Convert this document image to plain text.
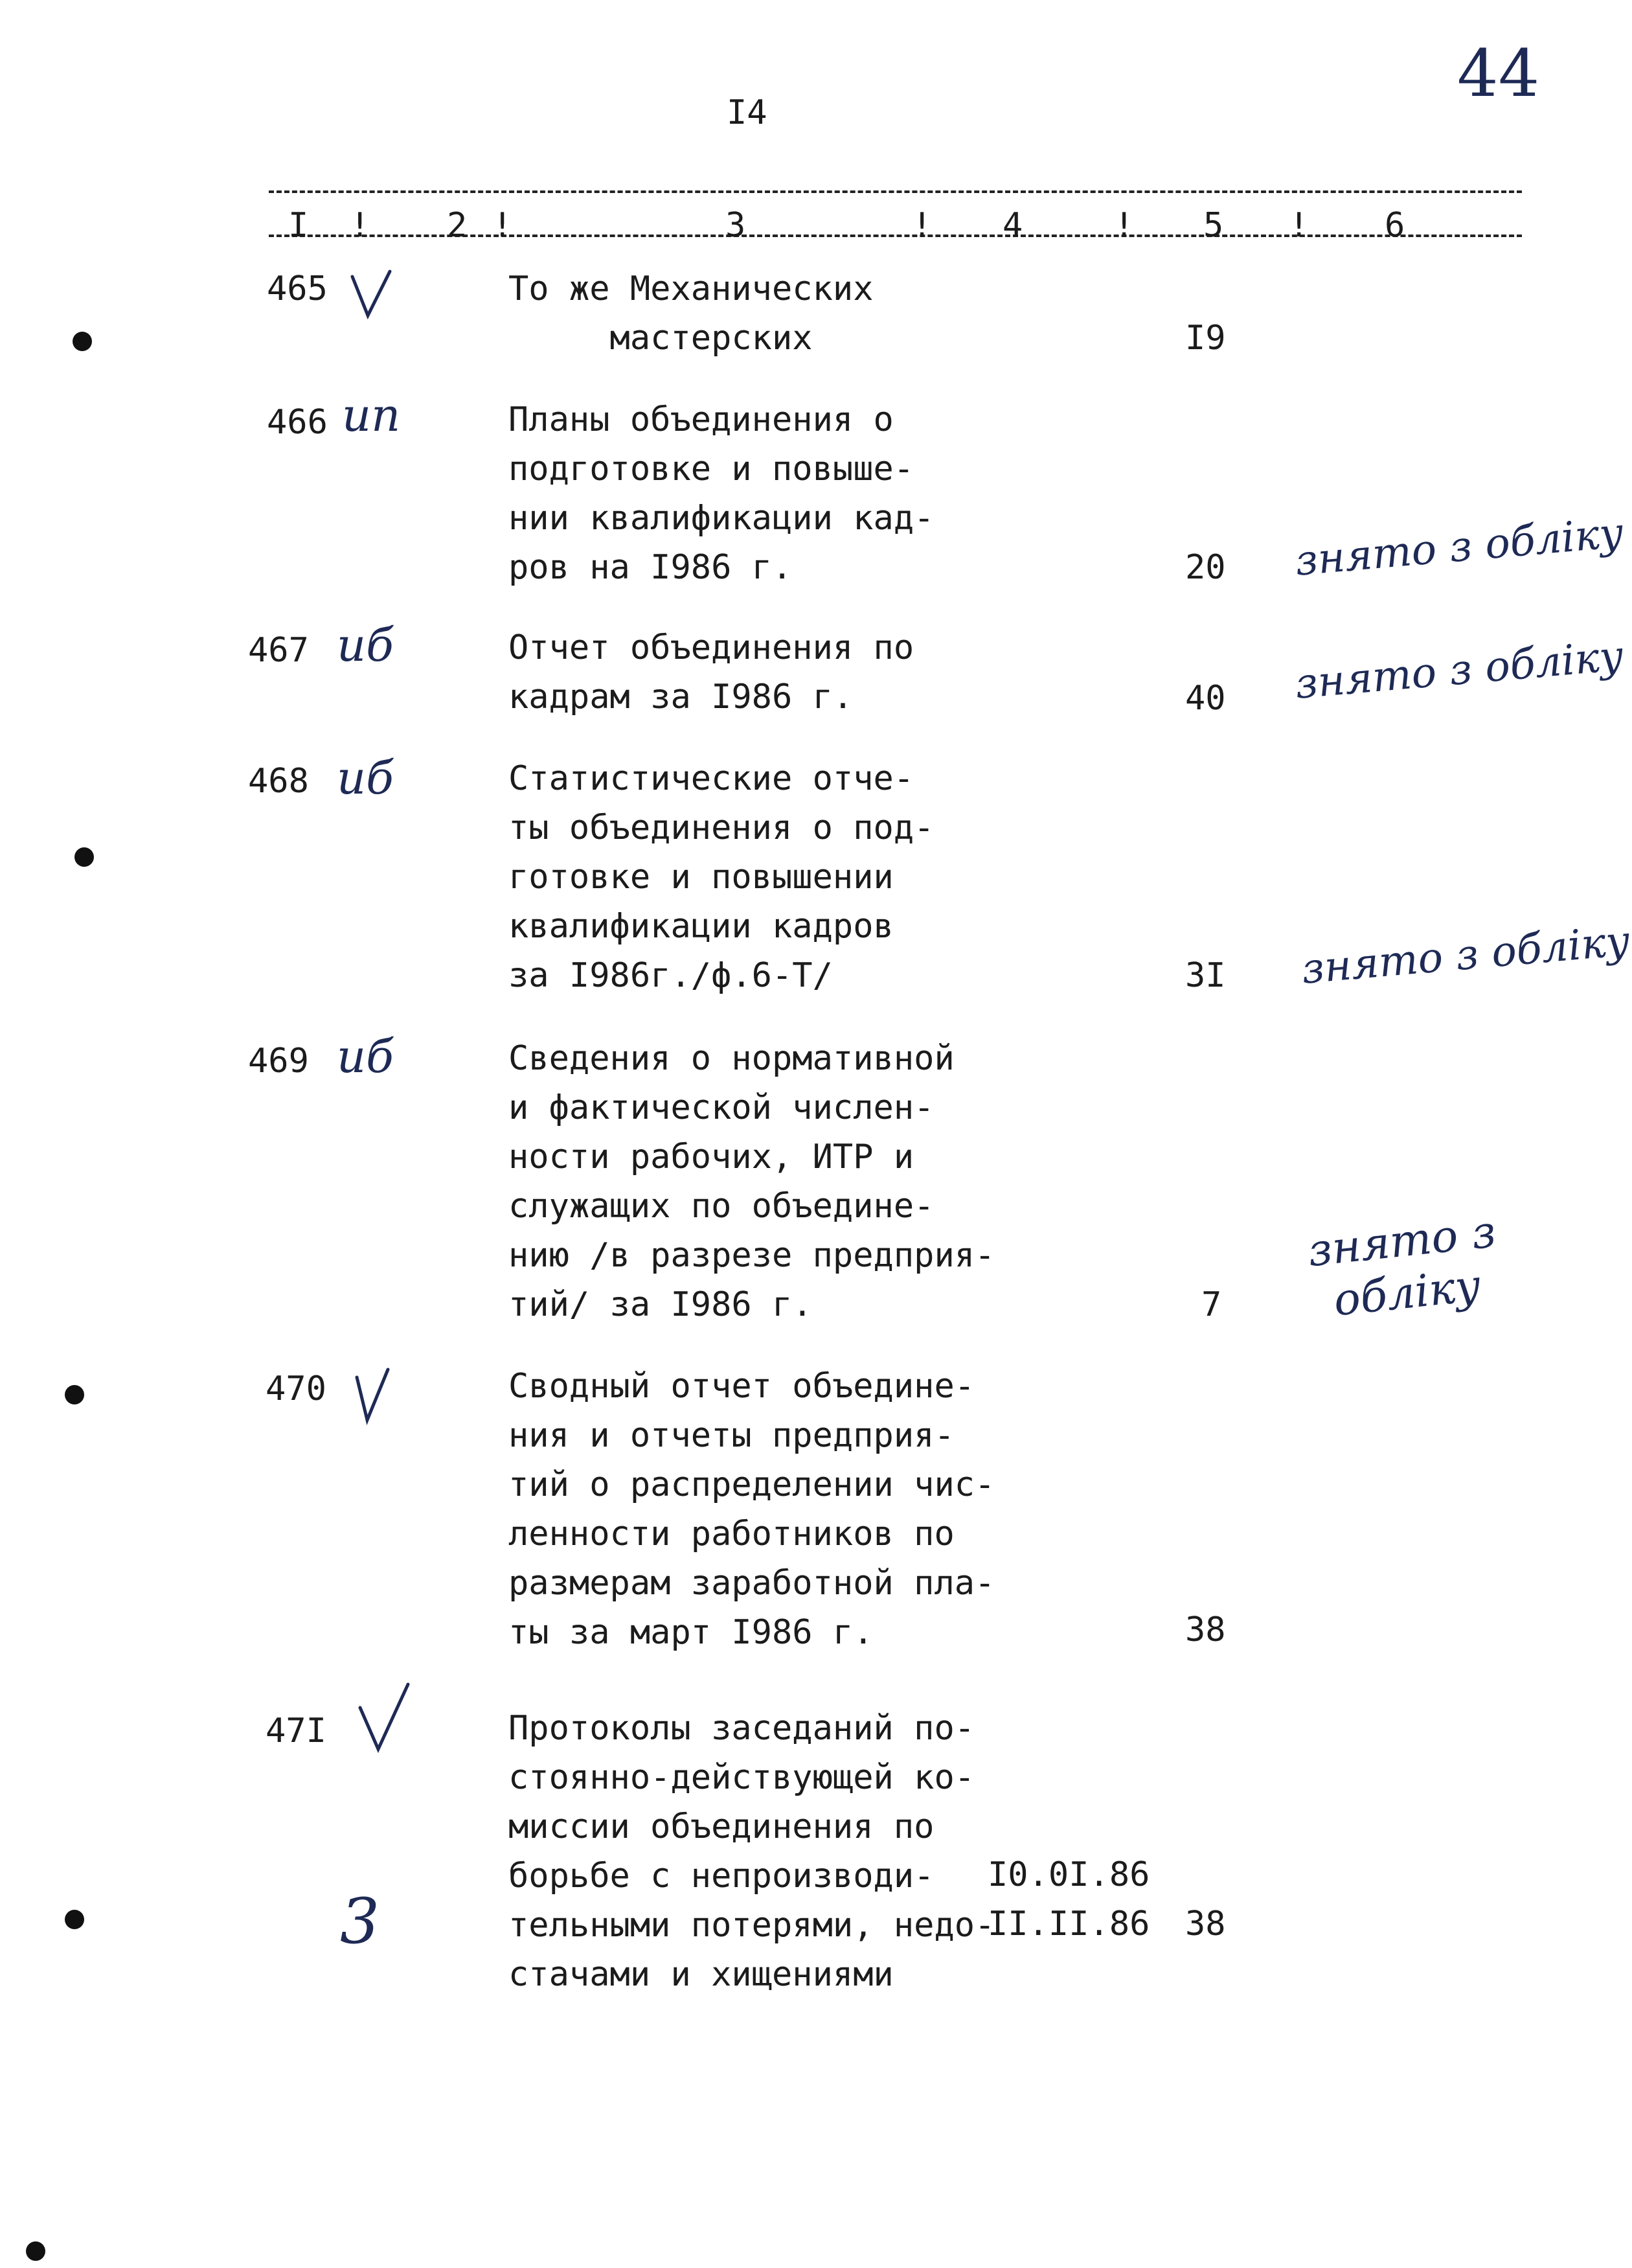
I4
44
I	2	3	4	5	6
!	!	!	!	!
465	То же Механических
мастерских	I9
466 ип	Планы объединения о
подготовке и повыше-
нии квалификации кад-
ров на I986 г.	20 знято з обліку
467 иб	Отчет объединения по
кадрам за I986 г.	40 знято з обліку
468 иб	Статистические отче-
ты объединения о под-
готовке и повышении
квалификации кадров
за I986г./ф.6-Т/	3I знято з обліку
469 иб	Сведения о нормативной
и фактической числен-
ности рабочих, ИТР и
служащих по объедине-
нию /в разрезе предприя-
тий/ за I986 г.	7
знято з обліку
470	Сводный отчет объедине-
ния и отчеты предприя-
тий о распределении чис-
ленности работников по
размерам заработной пла-
ты за март I986 г.	38
47I	Протоколы заседаний по-
стоянно-действующей ко-
миссии объединения по
борьбе с непроизводи-
тельными потерями, недо-
стачами и хищениями
I0.0I.86
II.II.86 38
3
